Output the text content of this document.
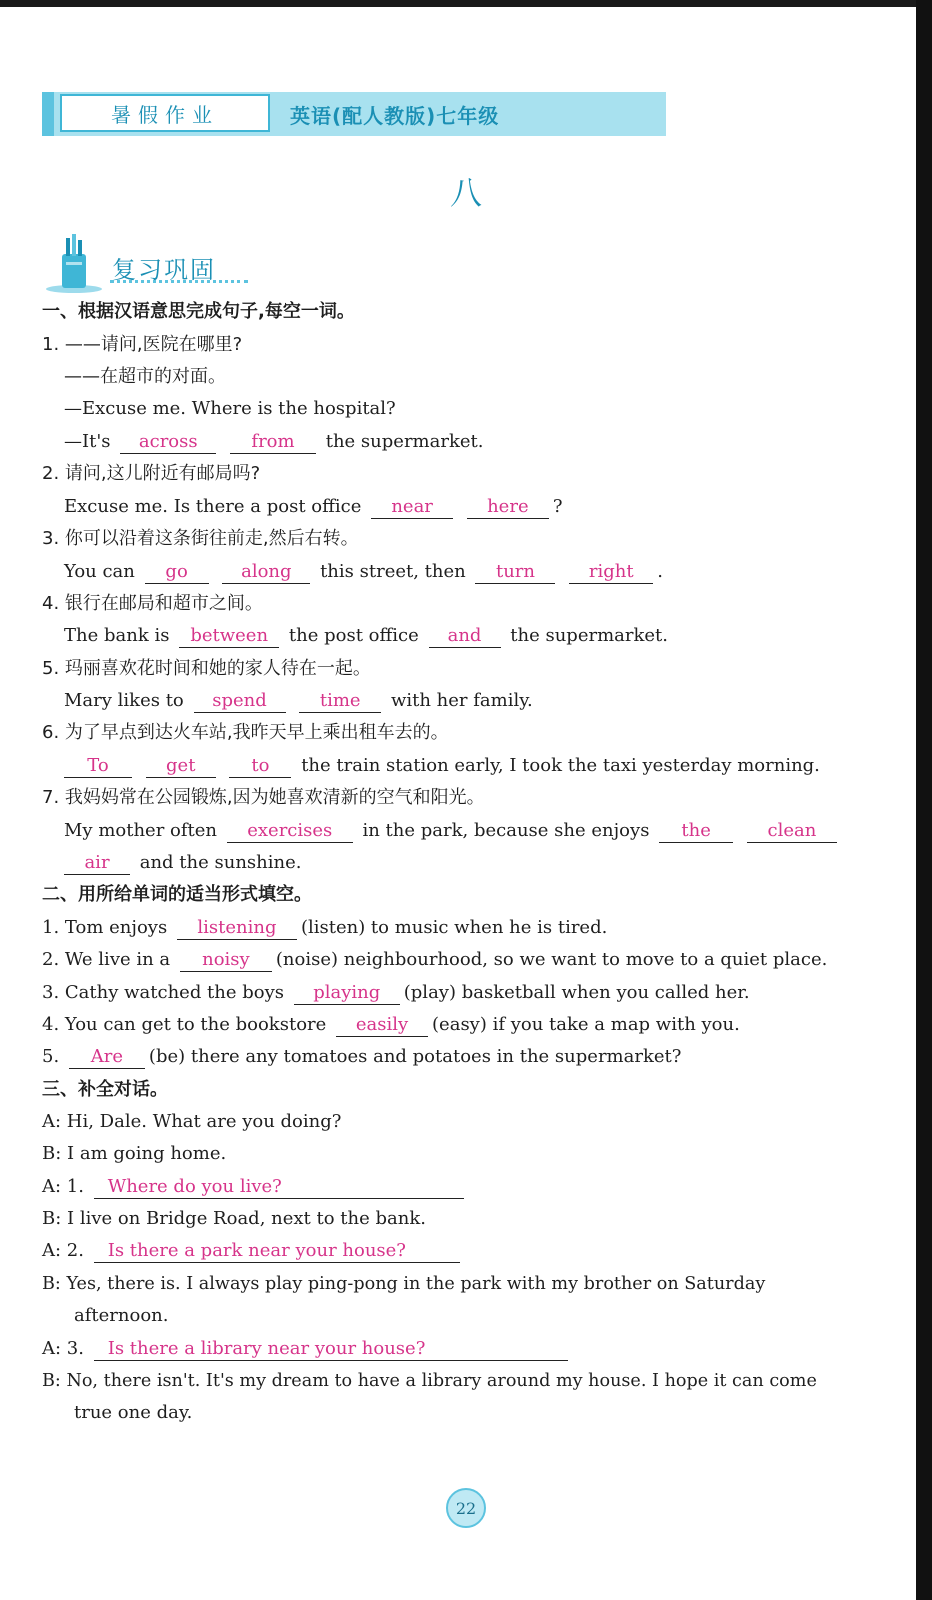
暑假作业	英语(配人教版)七年级
八
复习巩固
一、根据汉语意思完成句子,每空一词。
1. ——请问,医院在哪里?
——在超市的对面。
—Excuse me. Where is the hospital?
—It's across	from the supermarket.
2. 请问,这儿附近有邮局吗?
Excuse me. Is there a post office near	here ?
3. 你可以沿着这条街往前走,然后右转。
You can go	along this street, then turn	right .
4. 银行在邮局和超市之间。
The bank is between the post office and the supermarket.
5. 玛丽喜欢花时间和她的家人待在一起。
Mary likes to spend	time with her family.
6. 为了早点到达火车站,我昨天早上乘出租车去的。
To	get	to the train station early, I took the taxi yesterday morning.
7. 我妈妈常在公园锻炼,因为她喜欢清新的空气和阳光。
My mother often exercises in the park, because she enjoys the	clean
air and the sunshine.
二、用所给单词的适当形式填空。
1. Tom enjoys listening (listen) to music when he is tired.
2. We live in a noisy (noise) neighbourhood, so we want to move to a quiet place.
3. Cathy watched the boys playing (play) basketball when you called her.
4. You can get to the bookstore easily (easy) if you take a map with you.
5. Are (be) there any tomatoes and potatoes in the supermarket?
三、补全对话。
A: Hi, Dale. What are you doing?
B: I am going home.
A: 1. Where do you live?
B: I live on Bridge Road, next to the bank.
A: 2. Is there a park near your house?
B: Yes, there is. I always play ping-pong in the park with my brother on Saturday
afternoon.
A: 3. Is there a library near your house?
B: No, there isn't. It's my dream to have a library around my house. I hope it can come
true one day.
22
